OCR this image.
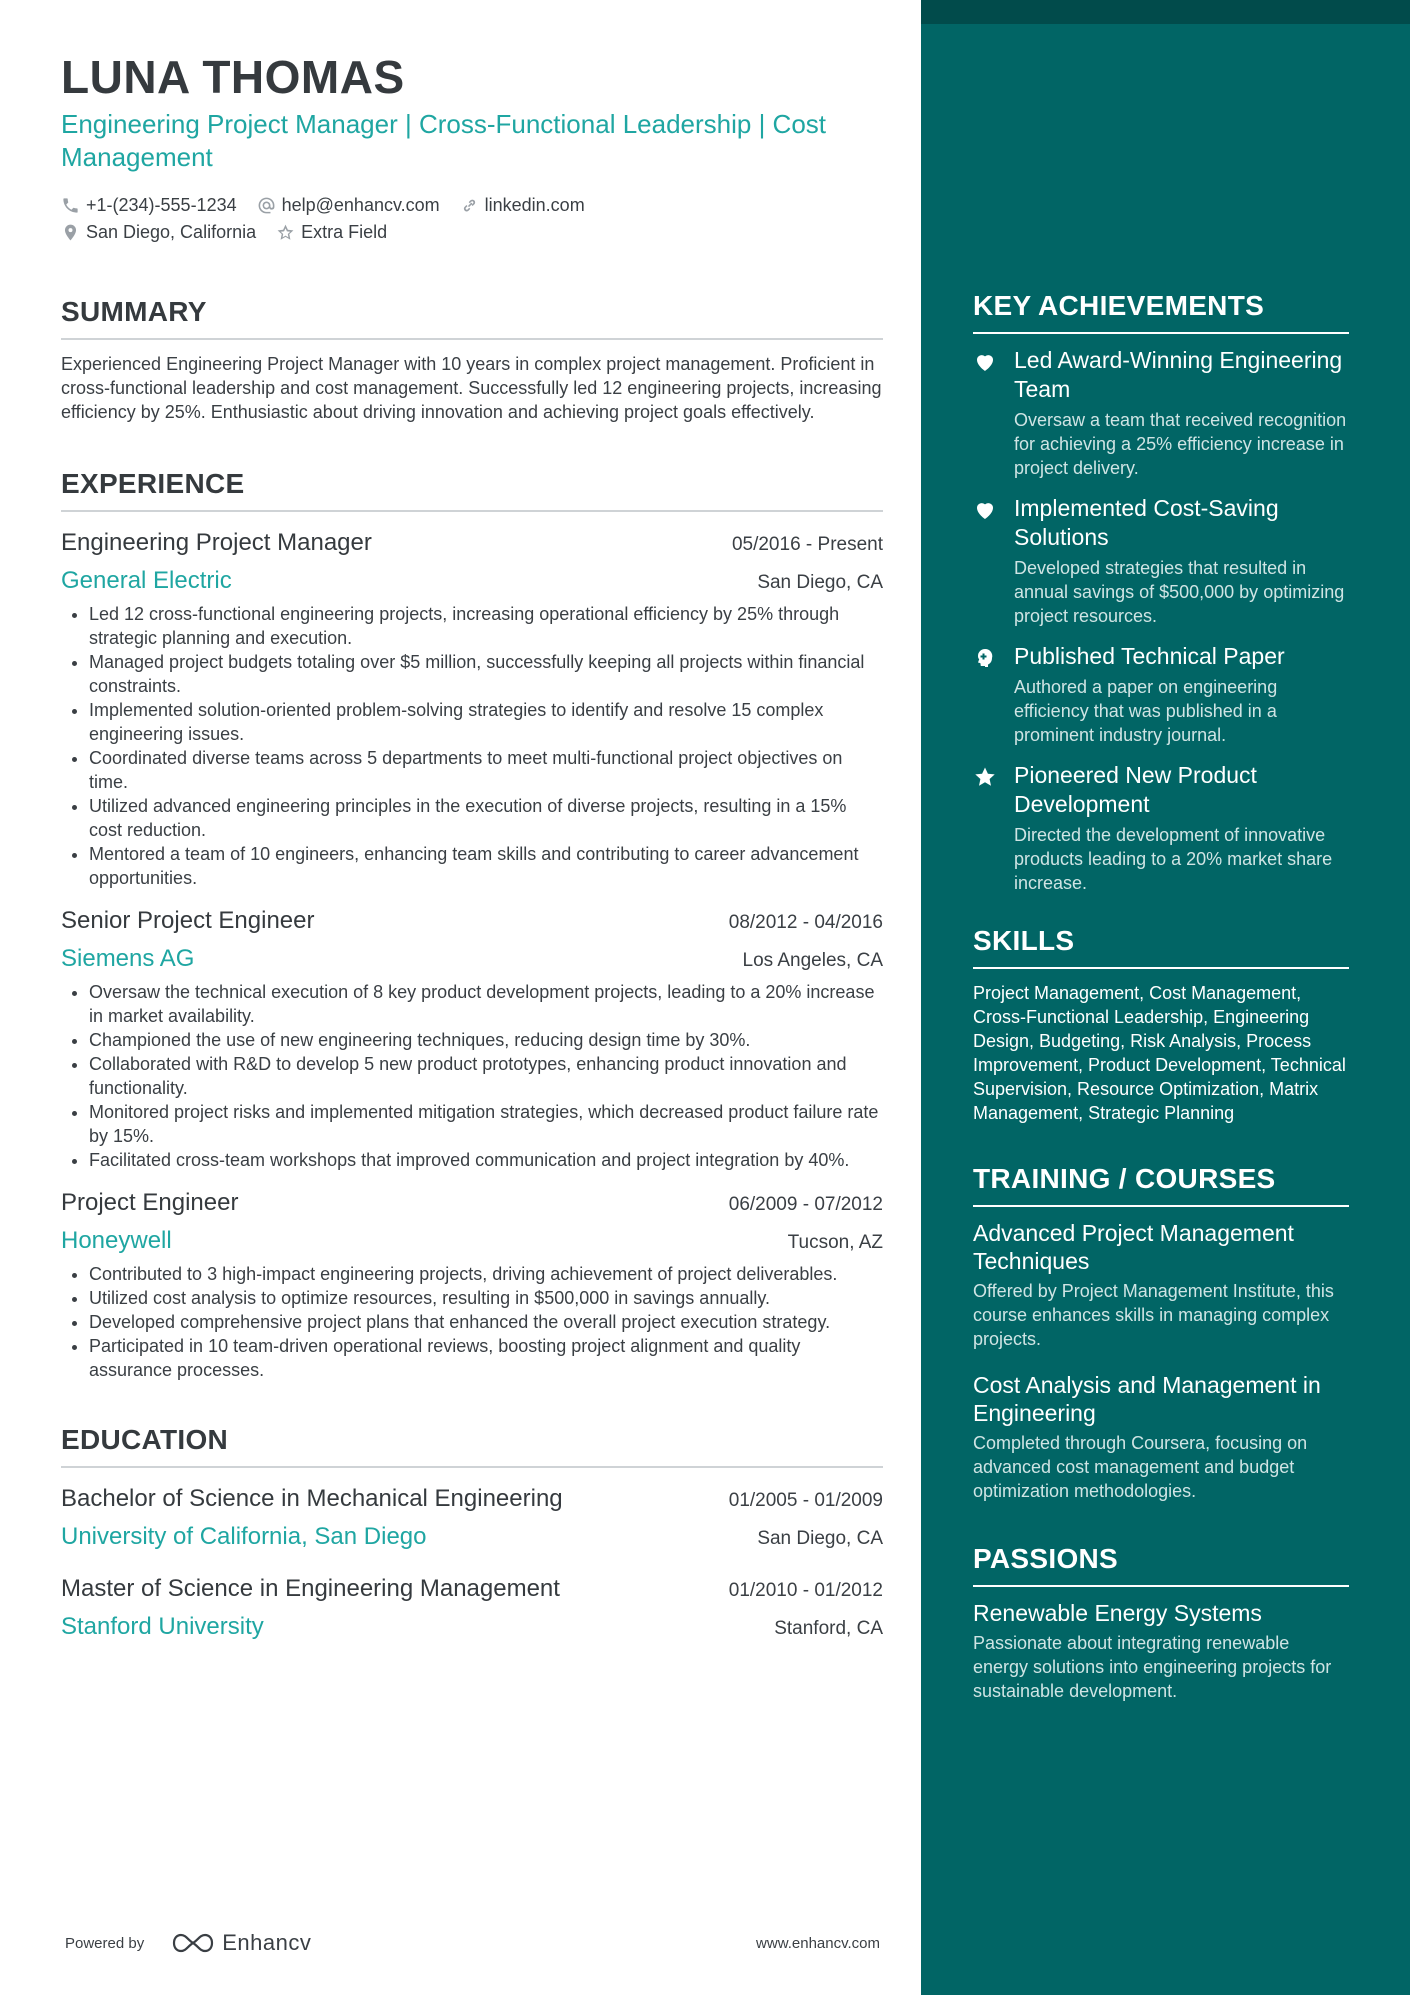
LUNA THOMAS
Engineering Project Manager | Cross-Functional Leadership | Cost Management
+1-(234)-555-1234	help@enhancv.com	linkedin.com
San Diego, California	Extra Field
SUMMARY
Experienced Engineering Project Manager with 10 years in complex project management. Proficient in cross-functional leadership and cost management. Successfully led 12 engineering projects, increasing efficiency by 25%. Enthusiastic about driving innovation and achieving project goals effectively.
EXPERIENCE
Engineering Project Manager	05/2016 - Present
General Electric	San Diego, CA
• Led 12 cross-functional engineering projects, increasing operational efficiency by 25% through strategic planning and execution.
• Managed project budgets totaling over $5 million, successfully keeping all projects within financial constraints.
• Implemented solution-oriented problem-solving strategies to identify and resolve 15 complex engineering issues.
• Coordinated diverse teams across 5 departments to meet multi-functional project objectives on time.
• Utilized advanced engineering principles in the execution of diverse projects, resulting in a 15% cost reduction.
• Mentored a team of 10 engineers, enhancing team skills and contributing to career advancement opportunities.
Senior Project Engineer	08/2012 - 04/2016
Siemens AG	Los Angeles, CA
• Oversaw the technical execution of 8 key product development projects, leading to a 20% increase in market availability.
• Championed the use of new engineering techniques, reducing design time by 30%.
• Collaborated with R&D to develop 5 new product prototypes, enhancing product innovation and functionality.
• Monitored project risks and implemented mitigation strategies, which decreased product failure rate by 15%.
• Facilitated cross-team workshops that improved communication and project integration by 40%.
Project Engineer	06/2009 - 07/2012
Honeywell	Tucson, AZ
• Contributed to 3 high-impact engineering projects, driving achievement of project deliverables.
• Utilized cost analysis to optimize resources, resulting in $500,000 in savings annually.
• Developed comprehensive project plans that enhanced the overall project execution strategy.
• Participated in 10 team-driven operational reviews, boosting project alignment and quality assurance processes.
EDUCATION
Bachelor of Science in Mechanical Engineering	01/2005 - 01/2009
University of California, San Diego	San Diego, CA
Master of Science in Engineering Management	01/2010 - 01/2012
Stanford University	Stanford, CA
KEY ACHIEVEMENTS
Led Award-Winning Engineering Team
Oversaw a team that received recognition for achieving a 25% efficiency increase in project delivery.
Implemented Cost-Saving Solutions
Developed strategies that resulted in annual savings of $500,000 by optimizing project resources.
Published Technical Paper
Authored a paper on engineering efficiency that was published in a prominent industry journal.
Pioneered New Product Development
Directed the development of innovative products leading to a 20% market share increase.
SKILLS
Project Management, Cost Management, Cross-Functional Leadership, Engineering Design, Budgeting, Risk Analysis, Process Improvement, Product Development, Technical Supervision, Resource Optimization, Matrix Management, Strategic Planning
TRAINING / COURSES
Advanced Project Management Techniques
Offered by Project Management Institute, this course enhances skills in managing complex projects.
Cost Analysis and Management in Engineering
Completed through Coursera, focusing on advanced cost management and budget optimization methodologies.
PASSIONS
Renewable Energy Systems
Passionate about integrating renewable energy solutions into engineering projects for sustainable development.
Powered by	Enhancv	www.enhancv.com
